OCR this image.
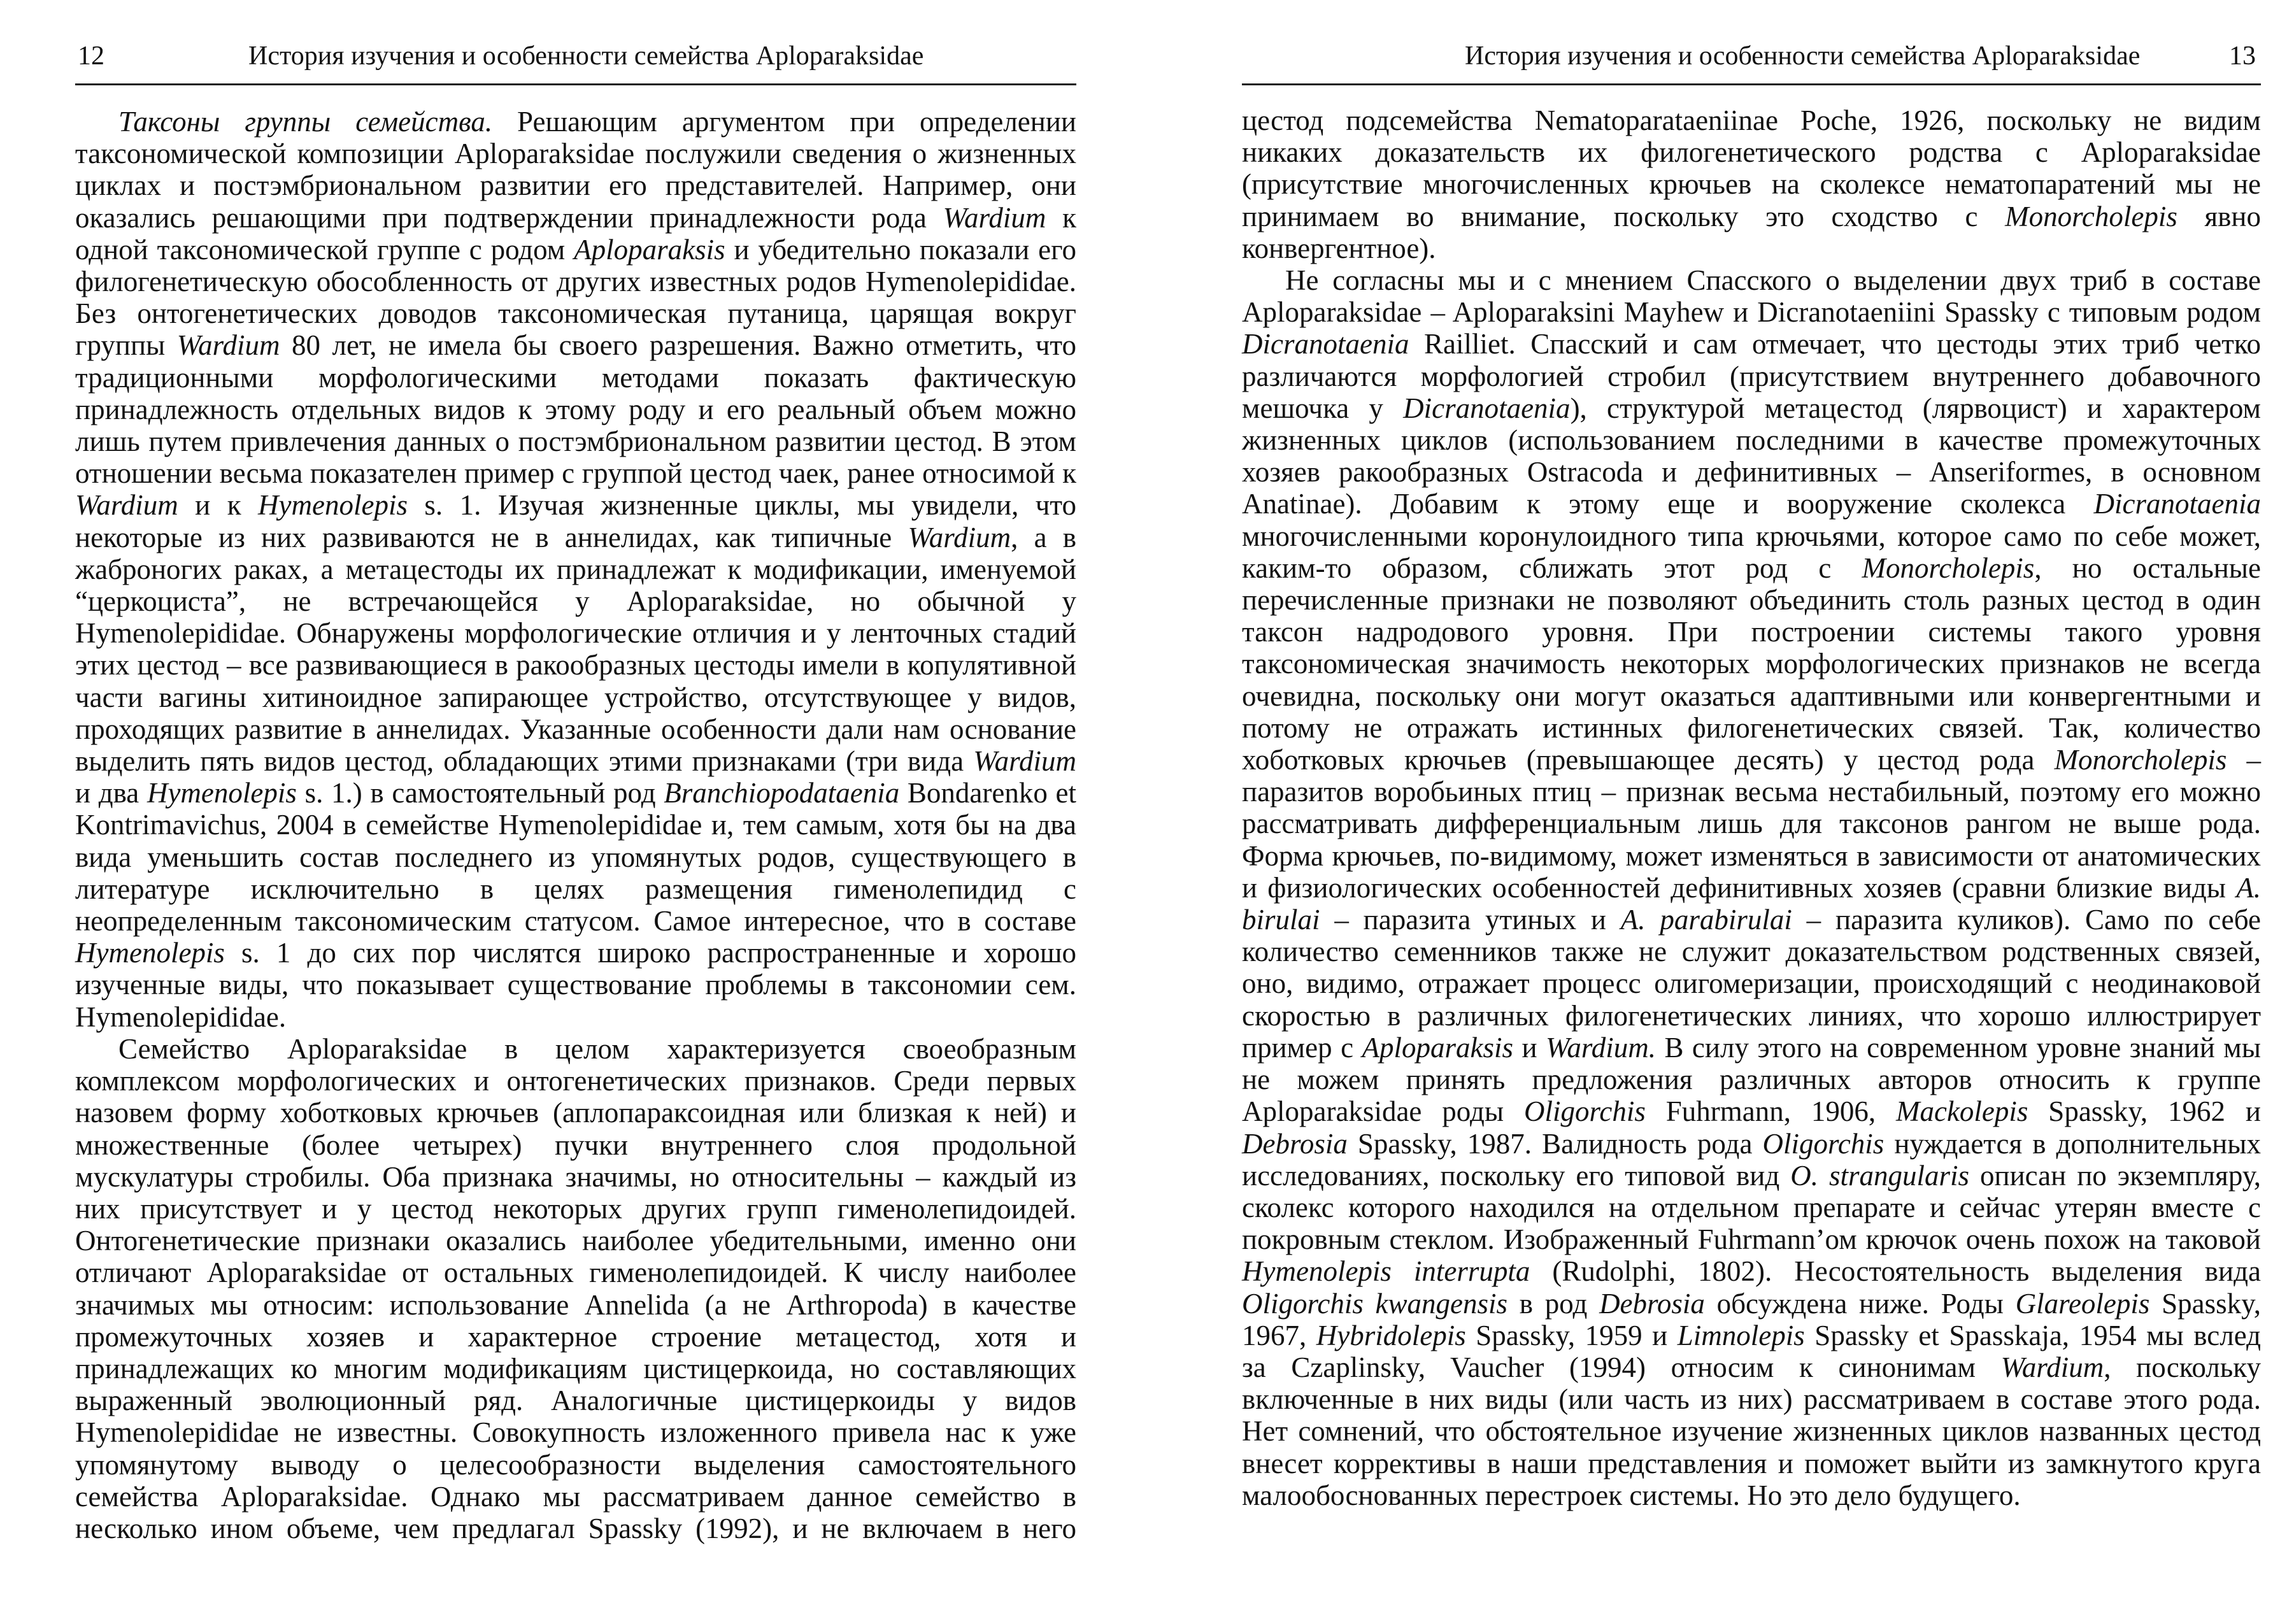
12	История изучения и особенности семейства Aploparaksidae

Таксоны группы семейства. Решающим аргументом при определении таксономической композиции Aploparaksidae послужили сведения о жизненных циклах и постэмбриональном развитии его представителей. Например, они оказались решающими при подтверждении принадлежности рода Wardium к одной таксономической группе с родом Aploparaksis и убедительно показали его филогенетическую обособленность от других известных родов Hymenolepididae. Без онтогенетических доводов таксономическая путаница, царящая вокруг группы Wardium 80 лет, не имела бы своего разрешения. Важно отметить, что традиционными морфологическими методами показать фактическую принадлежность отдельных видов к этому роду и его реальный объем можно лишь путем привлечения данных о постэмбриональном развитии цестод. В этом отношении весьма показателен пример с группой цестод чаек, ранее относимой к Wardium и к Hymenolepis s. 1. Изучая жизненные циклы, мы увидели, что некоторые из них развиваются не в аннелидах, как типичные Wardium, а в жаброногих раках, а метацестоды их принадлежат к модификации, именуемой “церкоциста”, не встречающейся у Aploparaksidae, но обычной у Hymenolepididae. Обнаружены морфологические отличия и у ленточных стадий этих цестод – все развивающиеся в ракообразных цестоды имели в копулятивной части вагины хитиноидное запирающее устройство, отсутствующее у видов, проходящих развитие в аннелидах. Указанные особенности дали нам основание выделить пять видов цестод, обладающих этими признаками (три вида Wardium и два Hymenolepis s. 1.) в самостоятельный род Branchiopodataenia Bondarenko et Kontrimavichus, 2004 в семействе Hymenolepididae и, тем самым, хотя бы на два вида уменьшить состав последнего из упомянутых родов, существующего в литературе исключительно в целях размещения гименолепидид с неопределенным таксономическим статусом. Самое интересное, что в составе Hymenolepis s. 1 до сих пор числятся широко распространенные и хорошо изученные виды, что показывает существование проблемы в таксономии сем. Hymenolepididae.

Семейство Aploparaksidae в целом характеризуется своеобразным комплексом морфологических и онтогенетических признаков. Среди первых назовем форму хоботковых крючьев (аплопараксоидная или близкая к ней) и множественные (более четырех) пучки внутреннего слоя продольной мускулатуры стробилы. Оба признака значимы, но относительны – каждый из них присутствует и у цестод некоторых других групп гименолепидоидей. Онтогенетические признаки оказались наиболее убедительными, именно они отличают Aploparaksidae от остальных гименолепидоидей. К числу наиболее значимых мы относим: использование Annelida (а не Arthropoda) в качестве промежуточных хозяев и характерное строение метацестод, хотя и принадлежащих ко многим модификациям цистицеркоида, но составляющих выраженный эволюционный ряд. Аналогичные цистицеркоиды у видов Hymenolepididae не известны. Совокупность изложенного привела нас к уже упомянутому выводу о целесообразности выделения самостоятельного семейства Aploparaksidae. Однако мы рассматриваем данное семейство в несколько ином объеме, чем предлагал Spassky (1992), и не включаем в него

История изучения и особенности семейства Aploparaksidae	13

цестод подсемейства Nematoparataeniinae Poche, 1926, поскольку не видим никаких доказательств их филогенетического родства с Aploparaksidae (присутствие многочисленных крючьев на сколексе нематопаратений мы не принимаем во внимание, поскольку это сходство с Monorcholepis явно конвергентное).

Не согласны мы и с мнением Спасского о выделении двух триб в составе Aploparaksidae – Aploparaksini Mayhew и Dicranotaeniini Spassky с типовым родом Dicranotaenia Railliet. Спасский и сам отмечает, что цестоды этих триб четко различаются морфологией стробил (присутствием внутреннего добавочного мешочка у Dicranotaenia), структурой метацестод (лярвоцист) и характером жизненных циклов (использованием последними в качестве промежуточных хозяев ракообразных Ostracoda и дефинитивных – Anseriformes, в основном Anatinae). Добавим к этому еще и вооружение сколекса Dicranotaenia многочисленными коронулоидного типа крючьями, которое само по себе может, каким-то образом, сближать этот род с Monorcholepis, но остальные перечисленные признаки не позволяют объединить столь разных цестод в один таксон надродового уровня. При построении системы такого уровня таксономическая значимость некоторых морфологических признаков не всегда очевидна, поскольку они могут оказаться адаптивными или конвергентными и потому не отражать истинных филогенетических связей. Так, количество хоботковых крючьев (превышающее десять) у цестод рода Monorcholepis – паразитов воробьиных птиц – признак весьма нестабильный, поэтому его можно рассматривать дифференциальным лишь для таксонов рангом не выше рода. Форма крючьев, по-видимому, может изменяться в зависимости от анатомических и физиологических особенностей дефинитивных хозяев (сравни близкие виды A. birulai – паразита утиных и A. parabirulai – паразита куликов). Само по себе количество семенников также не служит доказательством родственных связей, оно, видимо, отражает процесс олигомеризации, происходящий с неодинаковой скоростью в различных филогенетических линиях, что хорошо иллюстрирует пример с Aploparaksis и Wardium. В силу этого на современном уровне знаний мы не можем принять предложения различных авторов относить к группе Aploparaksidae роды Oligorchis Fuhrmann, 1906, Mackolepis Spassky, 1962 и Debrosia Spassky, 1987. Валидность рода Oligorchis нуждается в дополнительных исследованиях, поскольку его типовой вид O. strangularis описан по экземпляру, сколекс которого находился на отдельном препарате и сейчас утерян вместе с покровным стеклом. Изображенный Fuhrmann’ом крючок очень похож на таковой Hymenolepis interrupta (Rudolphi, 1802). Несостоятельность выделения вида Oligorchis kwangensis в род Debrosia обсуждена ниже. Роды Glareolepis Spassky, 1967, Hybridolepis Spassky, 1959 и Limnolepis Spassky et Spasskaja, 1954 мы вслед за Czaplinsky, Vaucher (1994) относим к синонимам Wardium, поскольку включенные в них виды (или часть из них) рассматриваем в составе этого рода. Нет сомнений, что обстоятельное изучение жизненных циклов названных цестод внесет коррективы в наши представления и поможет выйти из замкнутого круга малообоснованных перестроек системы. Но это дело будущего.
